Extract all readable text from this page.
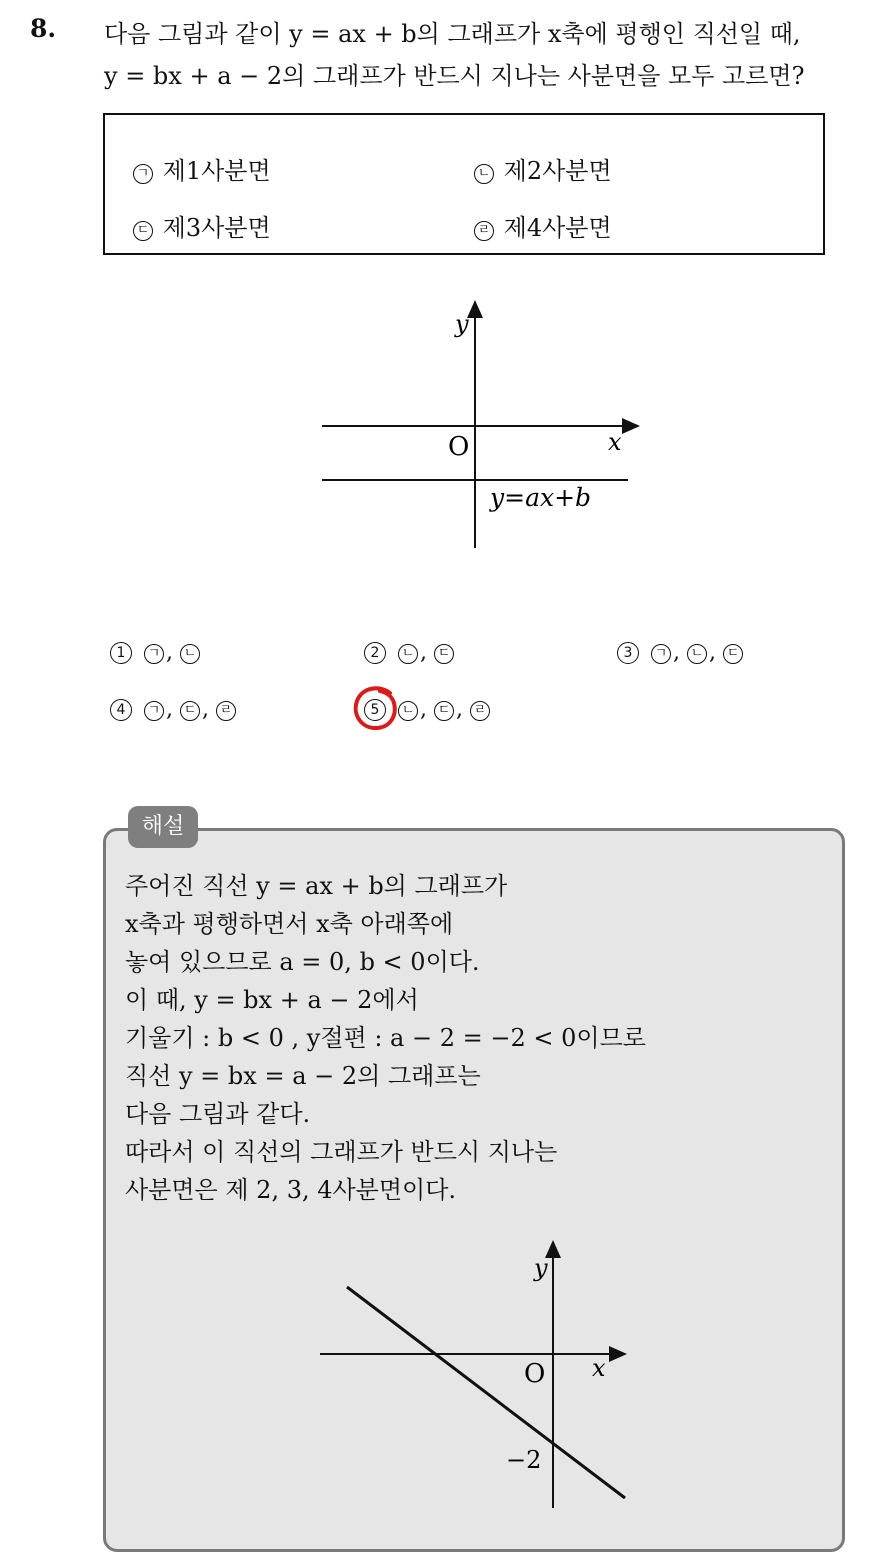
8. 다음 그림과 같이 y = ax + b의 그래프가 x축에 평행인 직선일 때,
y = bx + a − 2의 그래프가 반드시 지나는 사분면을 모두 고르면?
ㄱ 제1사분면	ㄴ 제2사분면
ㄷ 제3사분면	ㄹ 제4사분면
y
x
O
y=ax+b
1 ㄱ , ㄴ	2 ㄴ , ㄷ	3 ㄱ , ㄴ , ㄷ
4 ㄱ , ㄷ , ㄹ	5 ㄴ , ㄷ , ㄹ
해설
주어진 직선 y = ax + b의 그래프가
x축과 평행하면서 x축 아래쪽에
놓여 있으므로 a = 0, b < 0이다.
이 때, y = bx + a − 2에서
기울기 : b < 0 , y절편 : a − 2 = −2 < 0이므로
직선 y = bx = a − 2의 그래프는
다음 그림과 같다.
따라서 이 직선의 그래프가 반드시 지나는
사분면은 제 2, 3, 4사분면이다.
y
x
O
−2
